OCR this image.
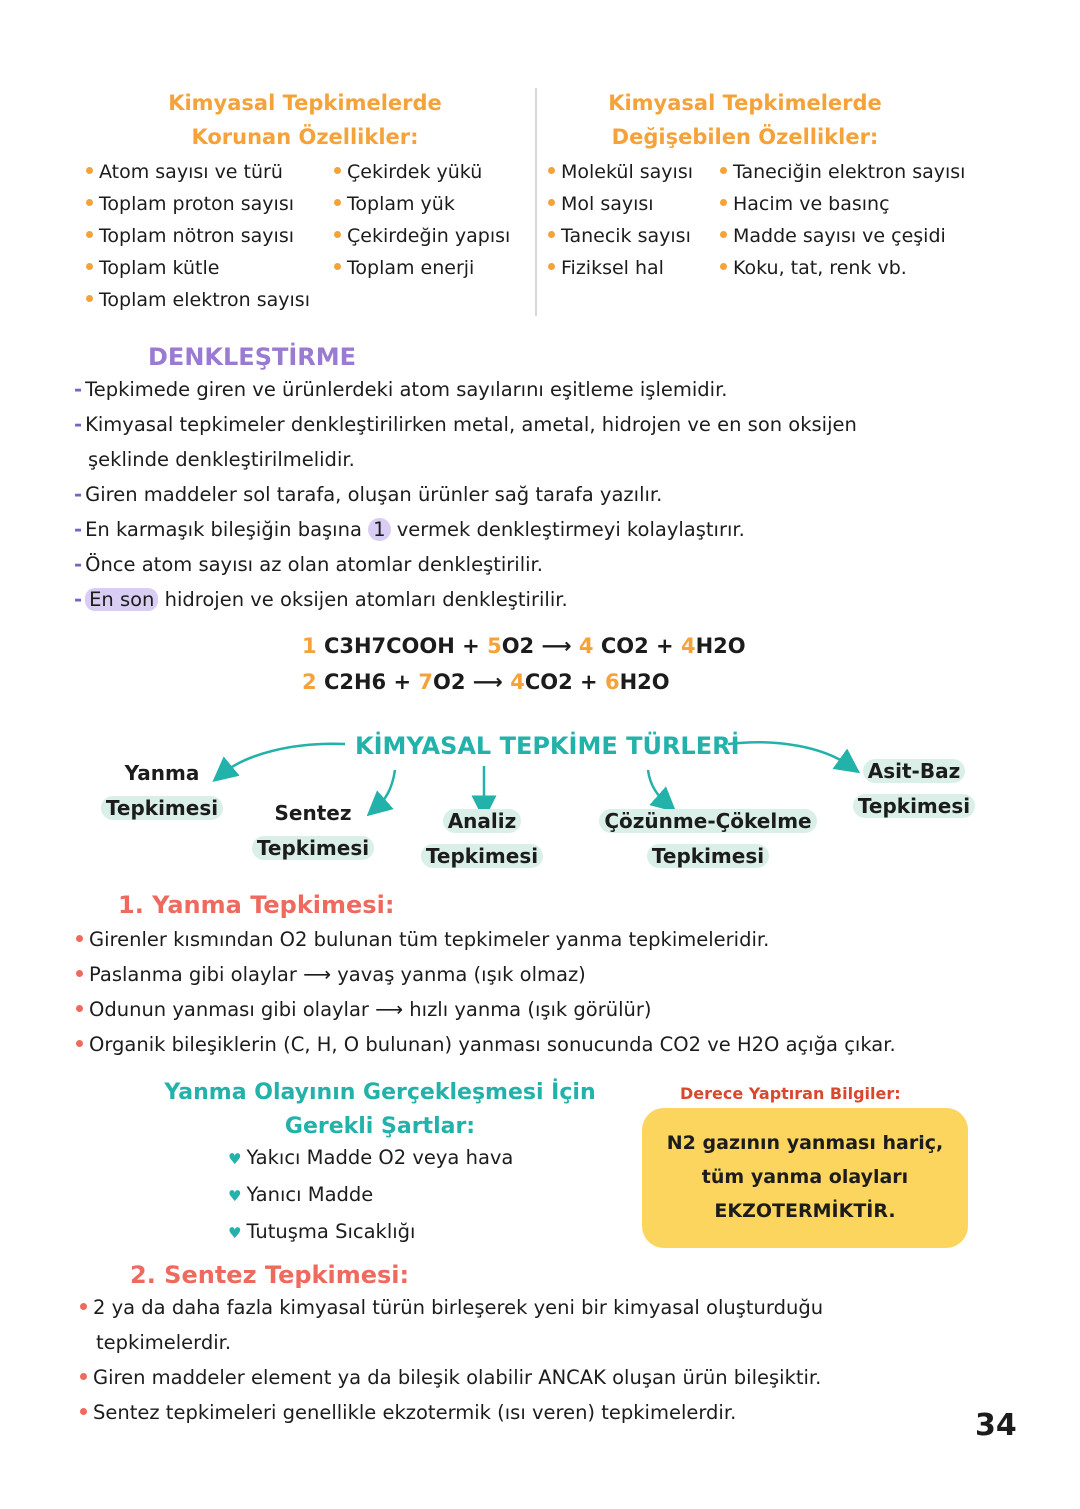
Kimyasal Tepkimelerde
Korunan Özellikler:
Atom sayısı ve türü
Toplam proton sayısı
Toplam nötron sayısı
Toplam kütle
Toplam elektron sayısı
Çekirdek yükü
Toplam yük
Çekirdeğin yapısı
Toplam enerji
Kimyasal Tepkimelerde
Değişebilen Özellikler:
Molekül sayısı
Mol sayısı
Tanecik sayısı
Fiziksel hal
Taneciğin elektron sayısı
Hacim ve basınç
Madde sayısı ve çeşidi
Koku, tat, renk vb.
DENKLEŞTİRME
- Tepkimede giren ve ürünlerdeki atom sayılarını eşitleme işlemidir.
- Kimyasal tepkimeler denkleştirilirken metal, ametal, hidrojen ve en son oksijen
şeklinde denkleştirilmelidir.
- Giren maddeler sol tarafa, oluşan ürünler sağ tarafa yazılır.
- En karmaşık bileşiğin başına 1 vermek denkleştirmeyi kolaylaştırır.
- Önce atom sayısı az olan atomlar denkleştirilir.
- En son hidrojen ve oksijen atomları denkleştirilir.
1 C3H7COOH + 5O2 ⟶ 4 CO2 + 4H2O
2 C2H6 + 7O2 ⟶ 4CO2 + 6H2O
KİMYASAL TEPKİME TÜRLERİ
Yanma
Tepkimesi	Sentez
Tepkimesi
Analiz
Tepkimesi
Çözünme-Çökelme
Tepkimesi
Asit-Baz
Tepkimesi
1. Yanma Tepkimesi:
Girenler kısmından O2 bulunan tüm tepkimeler yanma tepkimeleridir.
Paslanma gibi olaylar ⟶ yavaş yanma (ışık olmaz)
Odunun yanması gibi olaylar ⟶ hızlı yanma (ışık görülür)
Organik bileşiklerin (C, H, O bulunan) yanması sonucunda CO2 ve H2O açığa çıkar.
Yanma Olayının Gerçekleşmesi İçin
Gerekli Şartlar:
♥ Yakıcı Madde O2 veya hava
♥ Yanıcı Madde
♥ Tutuşma Sıcaklığı
Derece Yaptıran Bilgiler:
N2 gazının yanması hariç,
tüm yanma olayları
EKZOTERMİKTİR.
2. Sentez Tepkimesi:
2 ya da daha fazla kimyasal türün birleşerek yeni bir kimyasal oluşturduğu
tepkimelerdir.
Giren maddeler element ya da bileşik olabilir ANCAK oluşan ürün bileşiktir.
Sentez tepkimeleri genellikle ekzotermik (ısı veren) tepkimelerdir.	34
